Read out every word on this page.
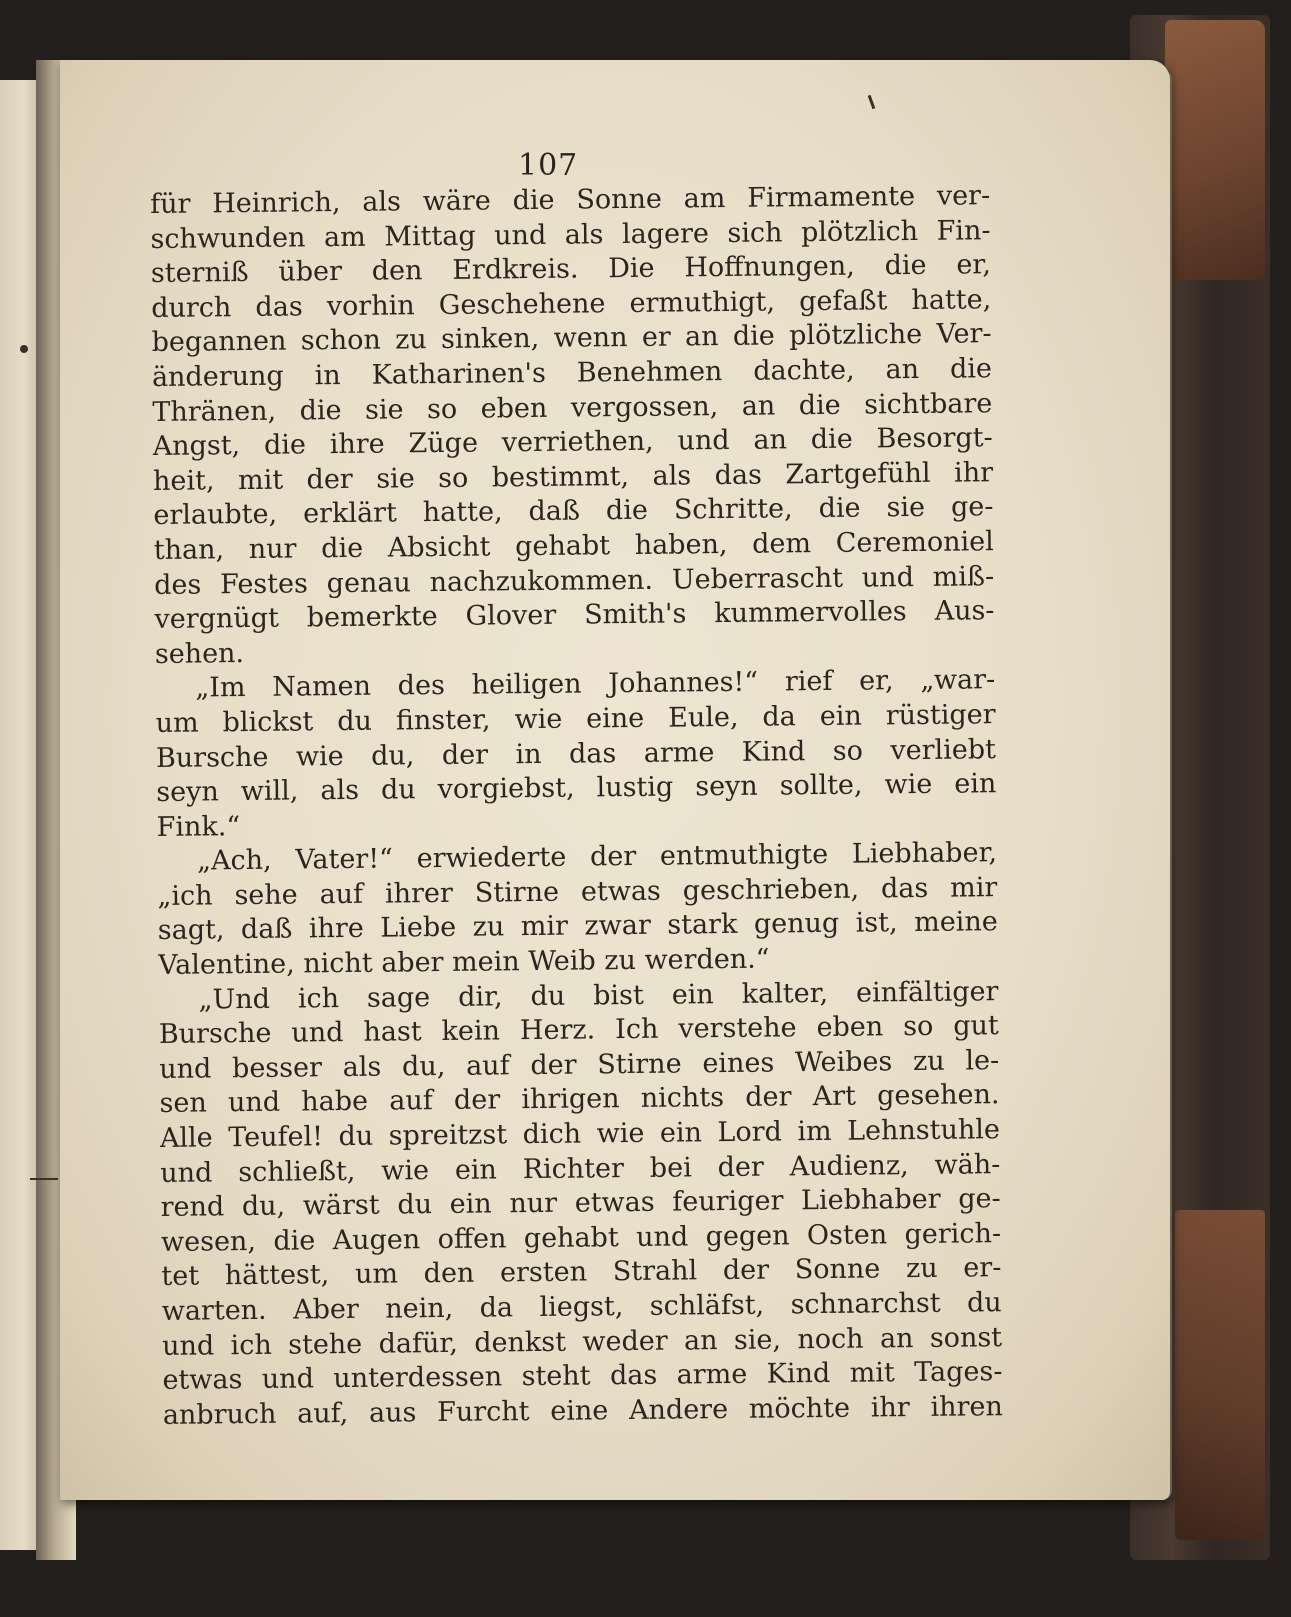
107
für Heinrich, als wäre die Sonne am Firmamente ver-
schwunden am Mittag und als lagere sich plötzlich Fin-
sterniß über den Erdkreis. Die Hoffnungen, die er,
durch das vorhin Geschehene ermuthigt, gefaßt hatte,
begannen schon zu sinken, wenn er an die plötzliche Ver-
änderung in Katharinen's Benehmen dachte, an die
Thränen, die sie so eben vergossen, an die sichtbare
Angst, die ihre Züge verriethen, und an die Besorgt-
heit, mit der sie so bestimmt, als das Zartgefühl ihr
erlaubte, erklärt hatte, daß die Schritte, die sie ge-
than, nur die Absicht gehabt haben, dem Ceremoniel
des Festes genau nachzukommen. Ueberrascht und miß-
vergnügt bemerkte Glover Smith's kummervolles Aus-
sehen.
„Im Namen des heiligen Johannes!“ rief er, „war-
um blickst du finster, wie eine Eule, da ein rüstiger
Bursche wie du, der in das arme Kind so verliebt
seyn will, als du vorgiebst, lustig seyn sollte, wie ein
Fink.“
„Ach, Vater!“ erwiederte der entmuthigte Liebhaber,
„ich sehe auf ihrer Stirne etwas geschrieben, das mir
sagt, daß ihre Liebe zu mir zwar stark genug ist, meine
Valentine, nicht aber mein Weib zu werden.“
„Und ich sage dir, du bist ein kalter, einfältiger
Bursche und hast kein Herz. Ich verstehe eben so gut
und besser als du, auf der Stirne eines Weibes zu le-
sen und habe auf der ihrigen nichts der Art gesehen.
Alle Teufel! du spreitzst dich wie ein Lord im Lehnstuhle
und schließt, wie ein Richter bei der Audienz, wäh-
rend du, wärst du ein nur etwas feuriger Liebhaber ge-
wesen, die Augen offen gehabt und gegen Osten gerich-
tet hättest, um den ersten Strahl der Sonne zu er-
warten. Aber nein, da liegst, schläfst, schnarchst du
und ich stehe dafür, denkst weder an sie, noch an sonst
etwas und unterdessen steht das arme Kind mit Tages-
anbruch auf, aus Furcht eine Andere möchte ihr ihren
